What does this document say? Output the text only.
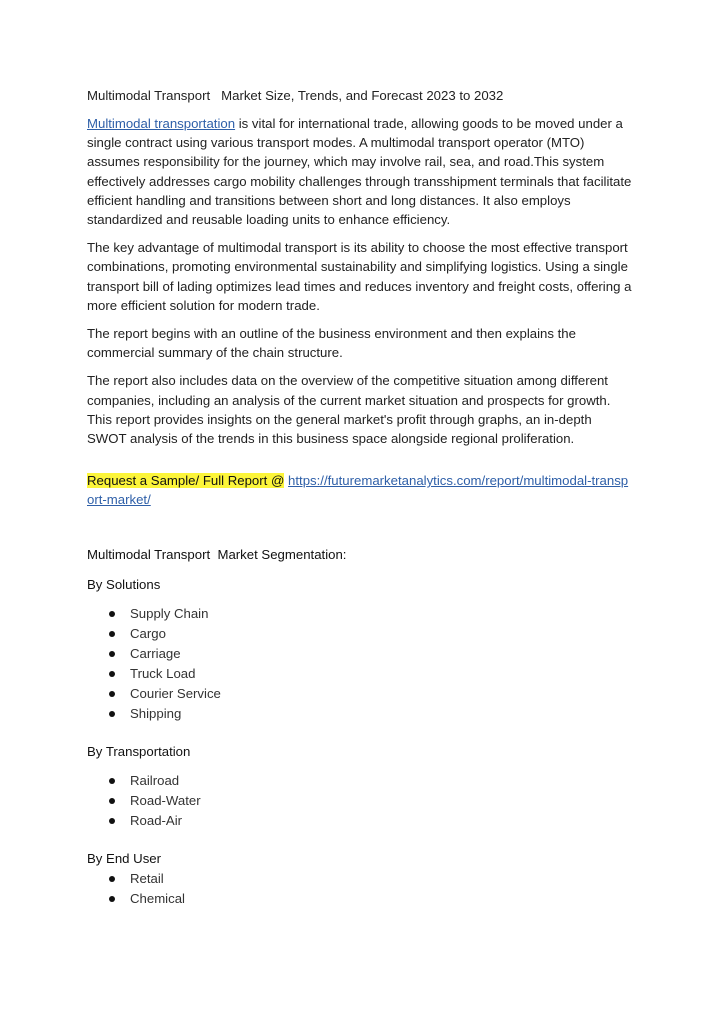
Multimodal Transport   Market Size, Trends, and Forecast 2023 to 2032

Multimodal transportation is vital for international trade, allowing goods to be moved under a single contract using various transport modes. A multimodal transport operator (MTO) assumes responsibility for the journey, which may involve rail, sea, and road.This system effectively addresses cargo mobility challenges through transshipment terminals that facilitate efficient handling and transitions between short and long distances. It also employs standardized and reusable loading units to enhance efficiency.

The key advantage of multimodal transport is its ability to choose the most effective transport combinations, promoting environmental sustainability and simplifying logistics. Using a single transport bill of lading optimizes lead times and reduces inventory and freight costs, offering a more efficient solution for modern trade.

The report begins with an outline of the business environment and then explains the commercial summary of the chain structure.

The report also includes data on the overview of the competitive situation among different companies, including an analysis of the current market situation and prospects for growth. This report provides insights on the general market's profit through graphs, an in-depth SWOT analysis of the trends in this business space alongside regional proliferation.

Request a Sample/ Full Report @ https://futuremarketanalytics.com/report/multimodal-transport-market/
Multimodal Transport  Market Segmentation:
By Solutions
Supply Chain
Cargo
Carriage
Truck Load
Courier Service
Shipping
By Transportation
Railroad
Road-Water
Road-Air
By End User
Retail
Chemical
